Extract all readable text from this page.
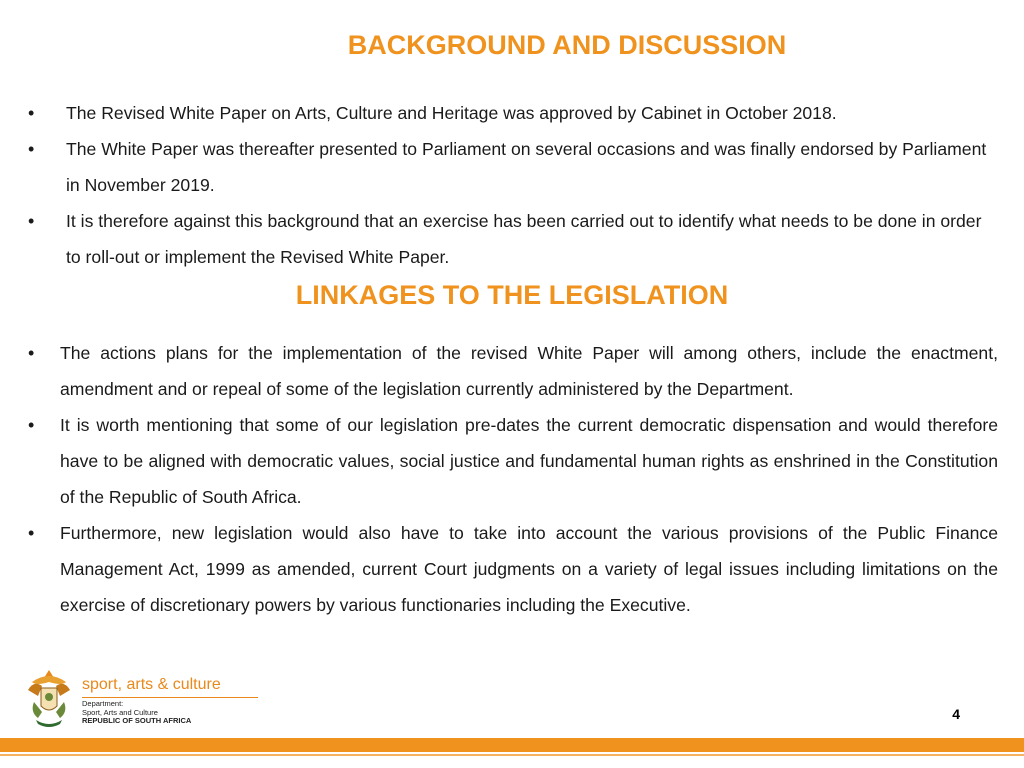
BACKGROUND AND DISCUSSION
• The Revised White Paper on Arts, Culture and Heritage was approved by Cabinet in October 2018.
• The White Paper was thereafter presented to Parliament on several occasions and was finally endorsed by Parliament in November 2019.
• It is therefore against this background that an exercise has been carried out to identify what needs to be done in order to roll-out or implement the Revised White Paper.
LINKAGES TO THE LEGISLATION
• The actions plans for the implementation of the revised White Paper will among others, include the enactment, amendment and or repeal of some of the legislation currently administered by the Department.
• It is worth mentioning that some of our legislation pre-dates the current democratic dispensation and would therefore have to be aligned with democratic values, social justice and fundamental human rights as enshrined in the Constitution of the Republic of South Africa.
• Furthermore, new legislation would also have to take into account the various provisions of the Public Finance Management Act, 1999 as amended, current Court judgments on a variety of legal issues including limitations on the exercise of discretionary powers by various functionaries including the Executive.
sport, arts & culture
Department:
Sport, Arts and Culture
REPUBLIC OF SOUTH AFRICA	4
